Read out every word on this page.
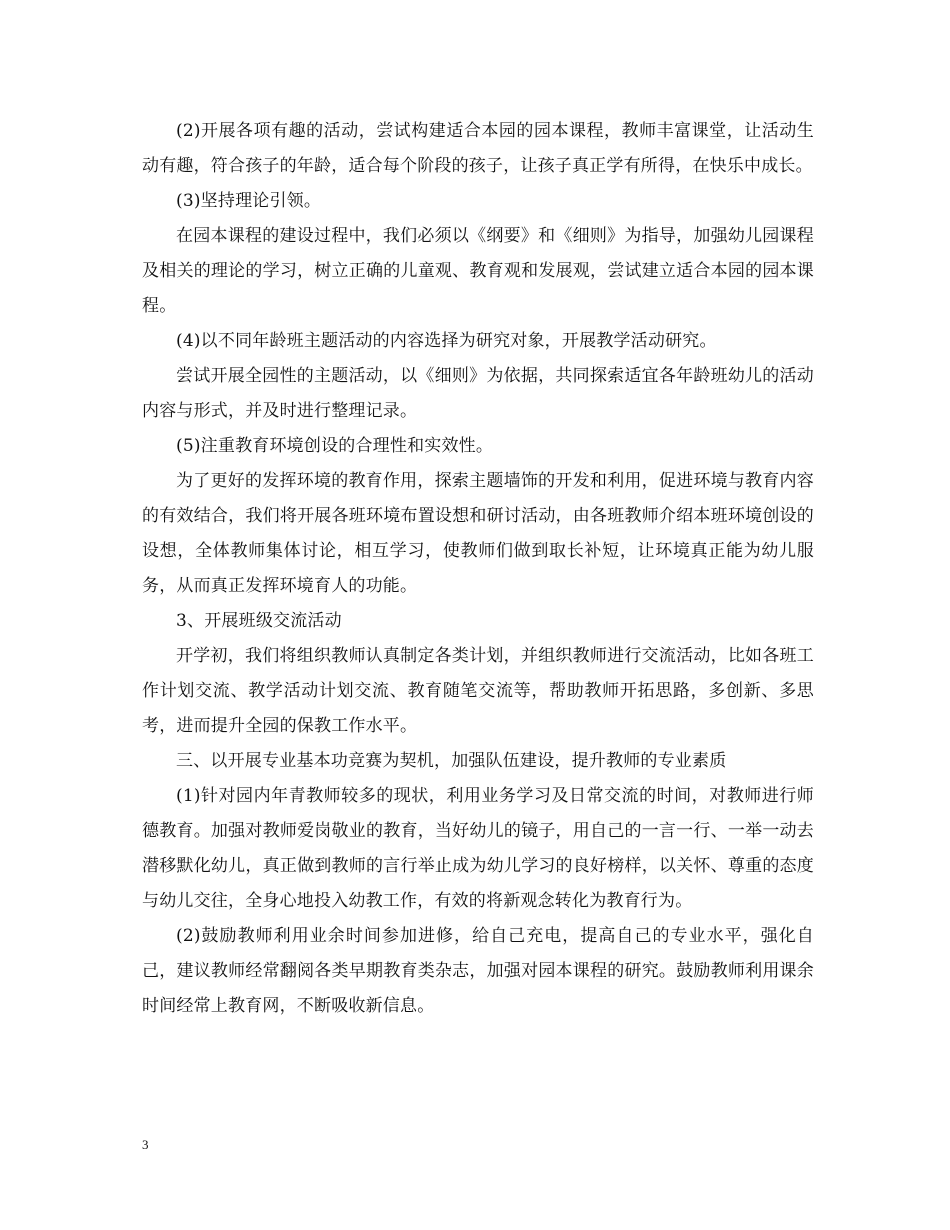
(2)开展各项有趣的活动，尝试构建适合本园的园本课程，教师丰富课堂，让活动生动有趣，符合孩子的年龄，适合每个阶段的孩子，让孩子真正学有所得，在快乐中成长。

(3)坚持理论引领。

在园本课程的建设过程中，我们必须以《纲要》和《细则》为指导，加强幼儿园课程及相关的理论的学习，树立正确的儿童观、教育观和发展观，尝试建立适合本园的园本课程。

(4)以不同年龄班主题活动的内容选择为研究对象，开展教学活动研究。

尝试开展全园性的主题活动，以《细则》为依据，共同探索适宜各年龄班幼儿的活动内容与形式，并及时进行整理记录。

(5)注重教育环境创设的合理性和实效性。

为了更好的发挥环境的教育作用，探索主题墙饰的开发和利用，促进环境与教育内容的有效结合，我们将开展各班环境布置设想和研讨活动，由各班教师介绍本班环境创设的设想，全体教师集体讨论，相互学习，使教师们做到取长补短，让环境真正能为幼儿服务，从而真正发挥环境育人的功能。

3、开展班级交流活动

开学初，我们将组织教师认真制定各类计划，并组织教师进行交流活动，比如各班工作计划交流、教学活动计划交流、教育随笔交流等，帮助教师开拓思路，多创新、多思考，进而提升全园的保教工作水平。

三、以开展专业基本功竞赛为契机，加强队伍建设，提升教师的专业素质

(1)针对园内年青教师较多的现状，利用业务学习及日常交流的时间，对教师进行师德教育。加强对教师爱岗敬业的教育，当好幼儿的镜子，用自己的一言一行、一举一动去潜移默化幼儿，真正做到教师的言行举止成为幼儿学习的良好榜样，以关怀、尊重的态度与幼儿交往，全身心地投入幼教工作，有效的将新观念转化为教育行为。

(2)鼓励教师利用业余时间参加进修，给自己充电，提高自己的专业水平，强化自己，建议教师经常翻阅各类早期教育类杂志，加强对园本课程的研究。鼓励教师利用课余时间经常上教育网，不断吸收新信息。

3
